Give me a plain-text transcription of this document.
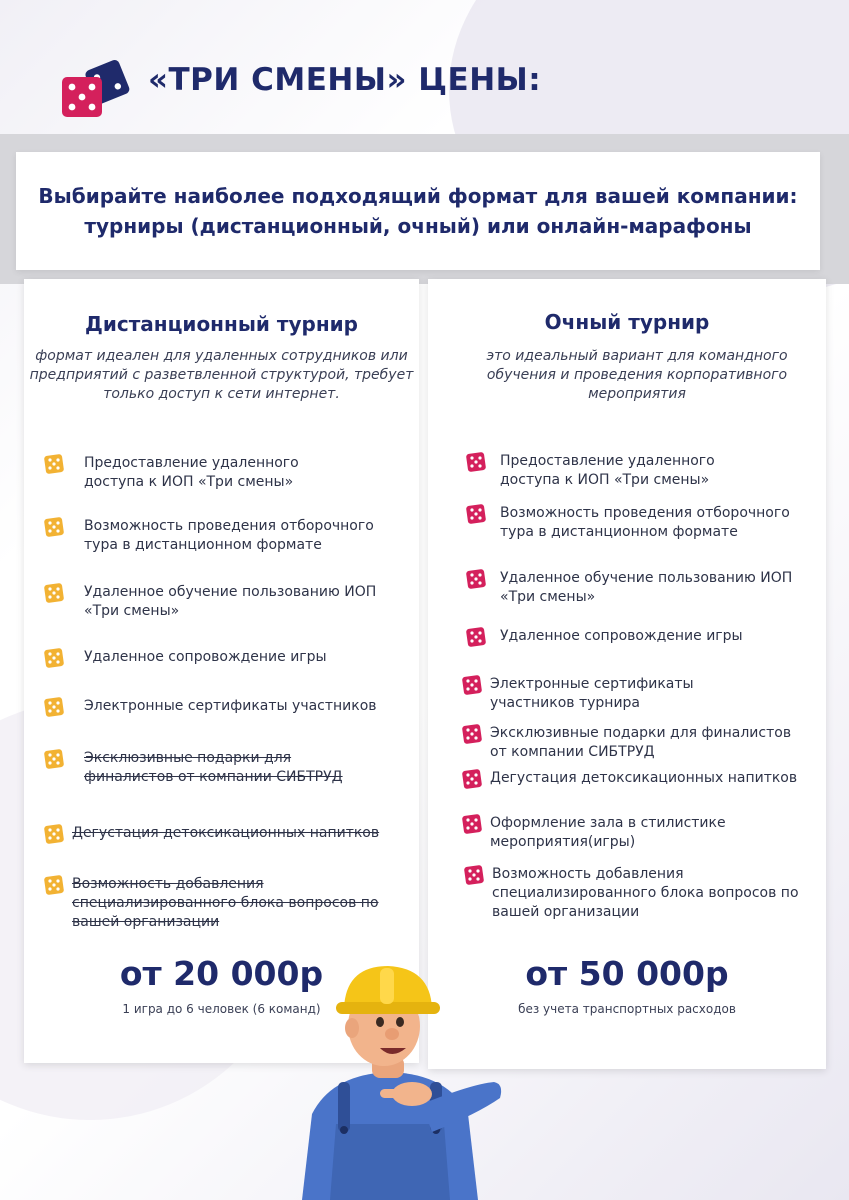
«ТРИ СМЕНЫ» ЦЕНЫ:
Выбирайте наиболее подходящий формат для вашей компании: турниры (дистанционный, очный) или онлайн-марафоны
Дистанционный турнир
формат идеален для удаленных сотрудников или предприятий с разветвленной структурой, требует только доступ к сети интернет.
Предоставление удаленного доступа к ИОП «Три смены»
Возможность проведения отборочного тура в дистанционном формате
Удаленное обучение пользованию ИОП «Три смены»
Удаленное сопровождение игры
Электронные сертификаты участников
Эксклюзивные подарки для финалистов от компании СИБТРУД
Дегустация детоксикационных напитков
Возможность добавления специализированного блока вопросов по вашей организации
от 20 000р
1 игра до 6 человек (6 команд)
Очный турнир
это идеальный вариант для командного обучения и проведения корпоративного мероприятия
Предоставление удаленного доступа к ИОП «Три смены»
Возможность проведения отборочного тура в дистанционном формате
Удаленное обучение пользованию ИОП «Три смены»
Удаленное сопровождение игры
Электронные сертификаты участников турнира
Эксклюзивные подарки для финалистов от компании СИБТРУД
Дегустация детоксикационных напитков
Оформление зала в стилистике мероприятия(игры)
Возможность добавления специализированного блока вопросов по вашей организации
от 50 000р
без учета транспортных расходов
